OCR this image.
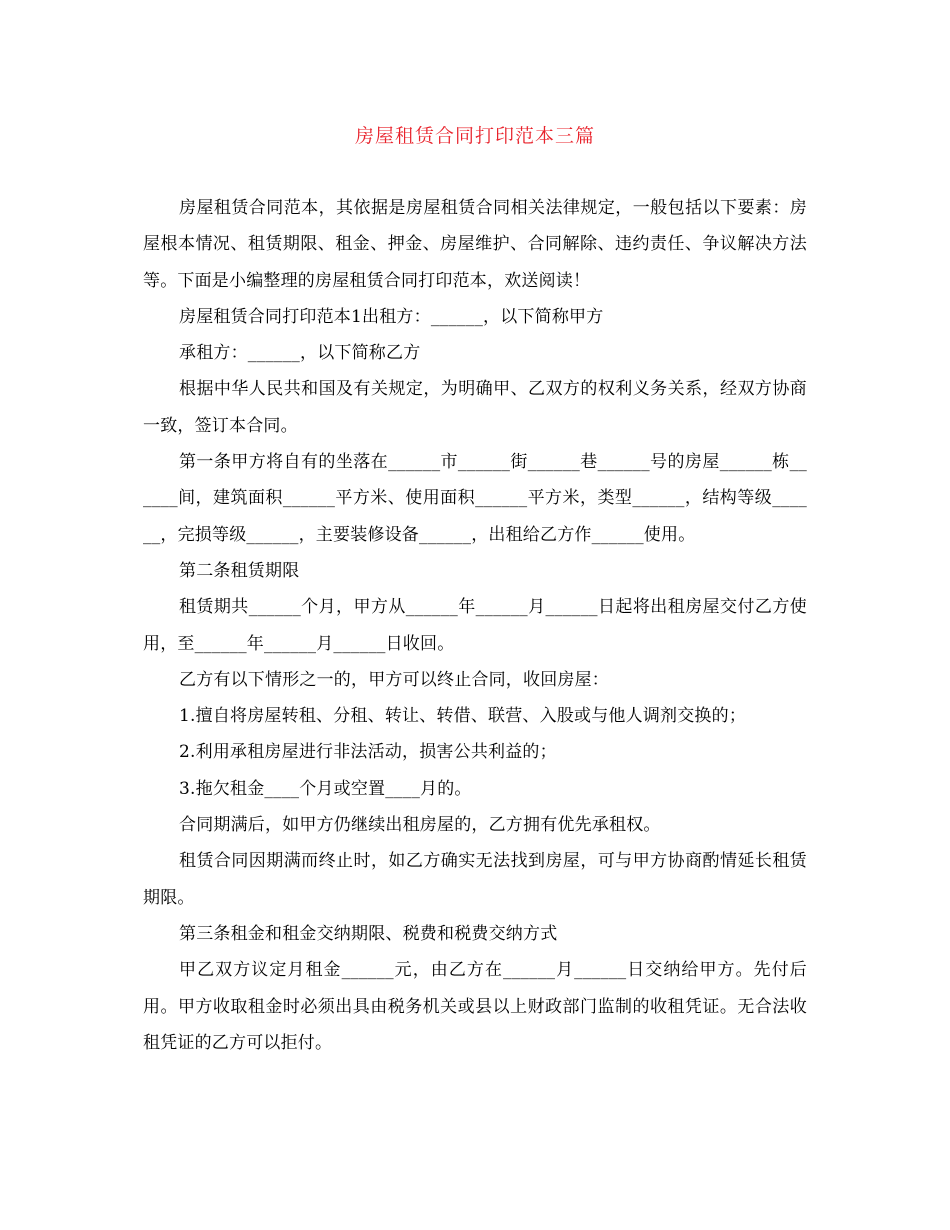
房屋租赁合同打印范本三篇

房屋租赁合同范本，其依据是房屋租赁合同相关法律规定，一般包括以下要素：房屋根本情况、租赁期限、租金、押金、房屋维护、合同解除、违约责任、争议解决方法等。下面是小编整理的房屋租赁合同打印范本，欢送阅读！

房屋租赁合同打印范本1出租方：______，以下简称甲方

承租方：______，以下简称乙方

根据中华人民共和国及有关规定，为明确甲、乙双方的权利义务关系，经双方协商一致，签订本合同。

第一条甲方将自有的坐落在______市______街______巷______号的房屋______栋______间，建筑面积______平方米、使用面积______平方米，类型______，结构等级______，完损等级______，主要装修设备______，出租给乙方作______使用。

第二条租赁期限

租赁期共______个月，甲方从______年______月______日起将出租房屋交付乙方使用，至______年______月______日收回。

乙方有以下情形之一的，甲方可以终止合同，收回房屋：

1.擅自将房屋转租、分租、转让、转借、联营、入股或与他人调剂交换的；

2.利用承租房屋进行非法活动，损害公共利益的；

3.拖欠租金____个月或空置____月的。

合同期满后，如甲方仍继续出租房屋的，乙方拥有优先承租权。

租赁合同因期满而终止时，如乙方确实无法找到房屋，可与甲方协商酌情延长租赁期限。

第三条租金和租金交纳期限、税费和税费交纳方式

甲乙双方议定月租金______元，由乙方在______月______日交纳给甲方。先付后用。甲方收取租金时必须出具由税务机关或县以上财政部门监制的收租凭证。无合法收租凭证的乙方可以拒付。
